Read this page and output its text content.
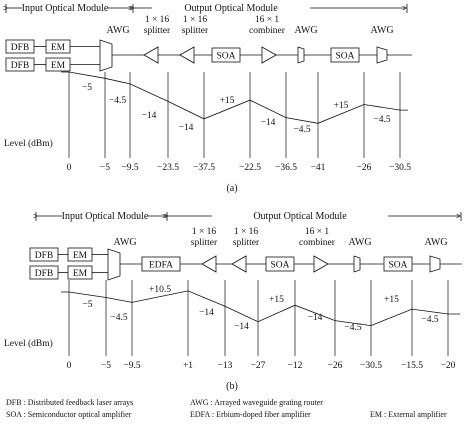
Input Optical Module	Output Optical Module
AWG
1 × 16
splitter
1 × 16
splitter
16 × 1
combiner AWG	AWG
DFB EM
DFB EM
SOA	SOA
0	−5 −9.5 −23.5 −37.5	−22.5 −36.5 −41	−26 −30.5
−5
−4.5
−14
−14
+15
−14
−4.5
+15
−4.5
Level (dBm)
(a)
Input Optical Module	Output Optical Module
AWG
1 × 16
splitter
1 × 16
splitter
16 × 1
combiner AWG	AWG
DFB EM
DFB EM
EDFA	SOA	SOA
0	−5 −9.5	+1	−13 −27 −12	−26 −30.5 −15.5 −20
−5
−4.5
+10.5
−14
−14
+15
−14
−4.5
+15
−4.5
Level (dBm)
(b)
DFB : Distributed feedback laser arrays	AWG : Arrayed waveguide grating router
SOA : Semiconductor optical amplifier	EDFA : Erbium-doped fiber amplifier	EM : External amplifier
